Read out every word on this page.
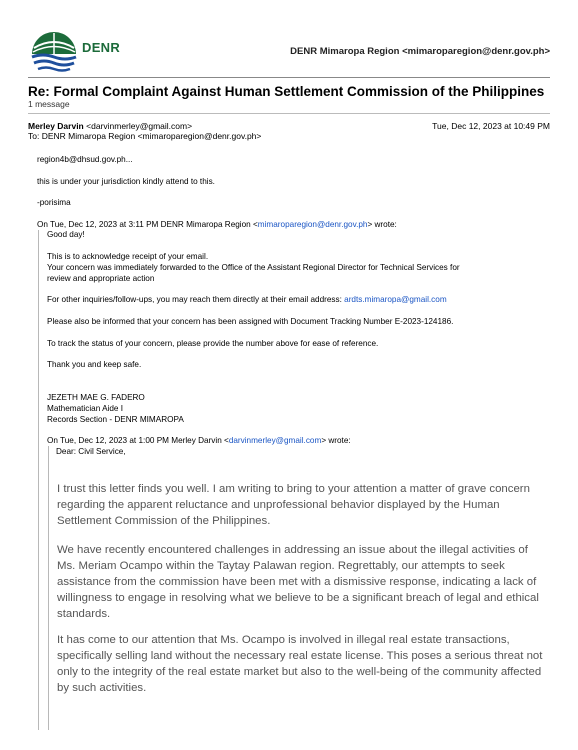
DENR	DENR Mimaropa Region <mimaroparegion@denr.gov.ph>
Re: Formal Complaint Against Human Settlement Commission of the Philippines
1 message
Merley Darvin <darvinmerley@gmail.com>	Tue, Dec 12, 2023 at 10:49 PM
To: DENR Mimaropa Region <mimaroparegion@denr.gov.ph>
region4b@dhsud.gov.ph...
this is under your jurisdiction kindly attend to this.
-porisima
On Tue, Dec 12, 2023 at 3:11 PM DENR Mimaropa Region <mimaroparegion@denr.gov.ph> wrote:
Good day!
This is to acknowledge receipt of your email.
Your concern was immediately forwarded to the Office of the Assistant Regional Director for Technical Services for
review and appropriate action
For other inquiries/follow-ups, you may reach them directly at their email address: ardts.mimaropa@gmail.com
Please also be informed that your concern has been assigned with Document Tracking Number E-2023-124186.
To track the status of your concern, please provide the number above for ease of reference.
Thank you and keep safe.
JEZETH MAE G. FADERO
Mathematician Aide I
Records Section - DENR MIMAROPA
On Tue, Dec 12, 2023 at 1:00 PM Merley Darvin <darvinmerley@gmail.com> wrote:
Dear: Civil Service,

I trust this letter finds you well. I am writing to bring to your attention a matter of grave concern regarding the apparent reluctance and unprofessional behavior displayed by the Human Settlement Commission of the Philippines.

We have recently encountered challenges in addressing an issue about the illegal activities of Ms. Meriam Ocampo within the Taytay Palawan region. Regrettably, our attempts to seek assistance from the commission have been met with a dismissive response, indicating a lack of willingness to engage in resolving what we believe to be a significant breach of legal and ethical standards.

It has come to our attention that Ms. Ocampo is involved in illegal real estate transactions, specifically selling land without the necessary real estate license. This poses a serious threat not only to the integrity of the real estate market but also to the well-being of the community affected by such activities.
